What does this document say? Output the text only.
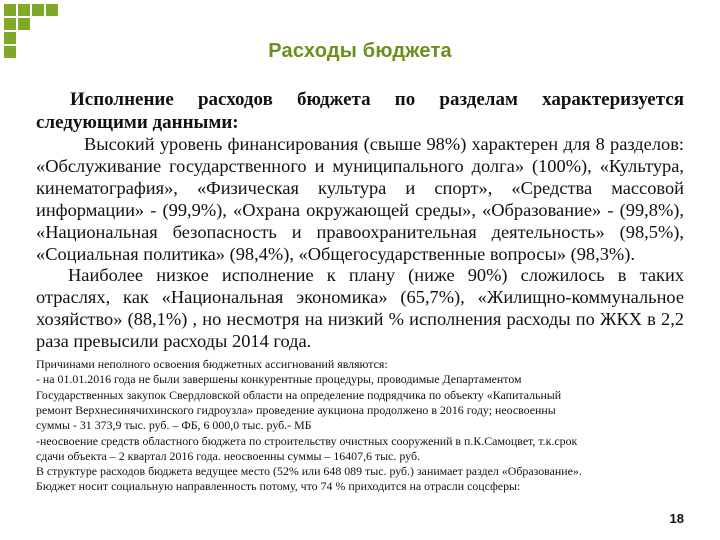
Расходы бюджета

Исполнение расходов бюджета по разделам характеризуется следующими данными:

Высокий уровень финансирования (свыше 98%) характерен для 8 разделов: «Обслуживание государственного и муниципального долга» (100%), «Культура, кинематография», «Физическая культура и спорт», «Средства массовой информации» - (99,9%), «Охрана окружающей среды», «Образование» - (99,8%), «Национальная безопасность и правоохранительная деятельность» (98,5%), «Социальная политика» (98,4%), «Общегосударственные вопросы» (98,3%).

Наиболее низкое исполнение к плану (ниже 90%) сложилось в таких отраслях, как «Национальная экономика» (65,7%), «Жилищно-коммунальное хозяйство» (88,1%) , но несмотря на низкий % исполнения расходы по ЖКХ в 2,2 раза превысили расходы 2014 года.

Причинами неполного освоения бюджетных ассигнований являются:
- на 01.01.2016 года не были завершены конкурентные процедуры, проводимые Департаментом
Государственных закупок Свердловской области на определение подрядчика по объекту «Капитальный
ремонт Верхнесинячихинского гидроузла» проведение аукциона продолжено в 2016 году; неосвоенны
суммы - 31 373,9 тыс. руб. – ФБ, 6 000,0 тыс. руб.- МБ
-неосвоение средств областного бюджета по строительству очистных сооружений в п.К.Самоцвет, т.к.срок
сдачи объекта – 2 квартал 2016 года. неосвоенны суммы – 16407,6 тыс. руб.
В структуре расходов бюджета ведущее место (52% или 648 089 тыс. руб.) занимает раздел «Образование».
Бюджет носит социальную направленность потому, что 74 % приходится на отрасли соцсферы:
18
